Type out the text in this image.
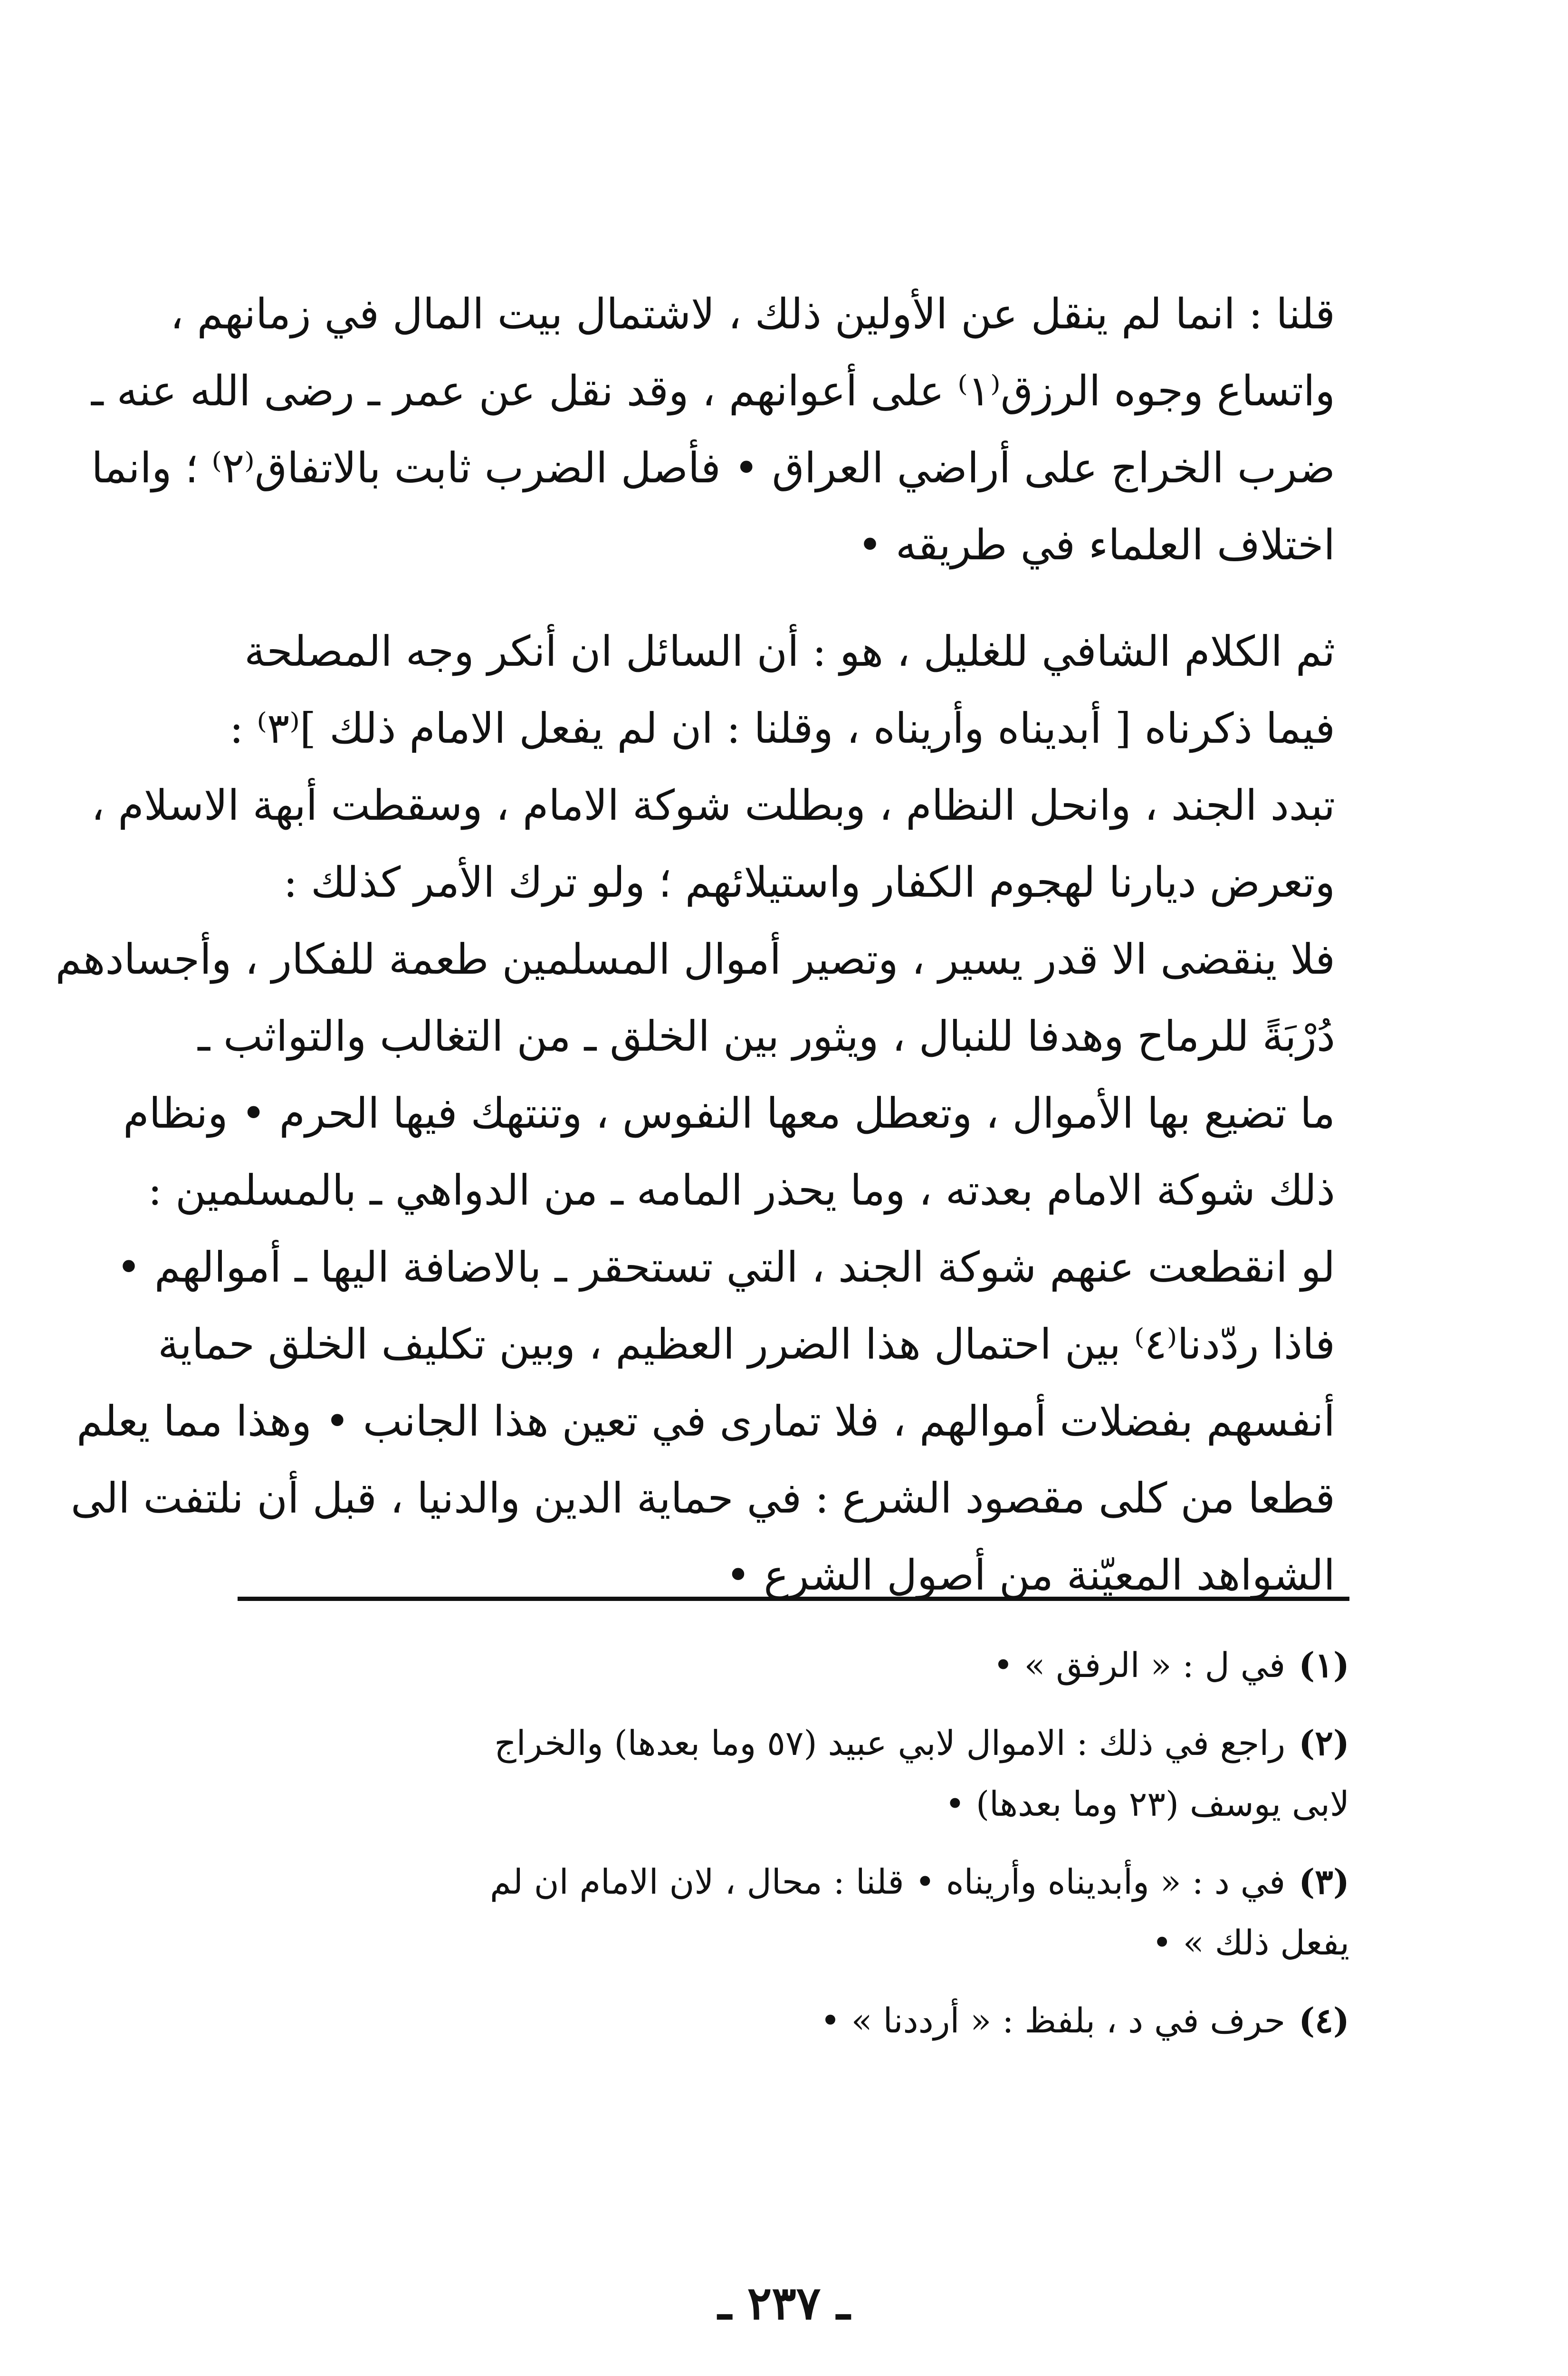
قلنا : انما لم ينقل عن الأولين ذلك ، لاشتمال بيت المال في زمانهم ،
واتساع وجوه الرزق⁽١⁾ على أعوانهم ، وقد نقل عن عمر ـ رضى الله عنه ـ
ضرب الخراج على أراضي العراق • فأصل الضرب ثابت بالاتفاق⁽٢⁾ ؛ وانما
اختلاف العلماء في طريقه •
ثم الكلام الشافي للغليل ، هو : أن السائل ان أنكر وجه المصلحة
فيما ذكرناه [ أبديناه وأريناه ، وقلنا : ان لم يفعل الامام ذلك ]⁽٣⁾ :
تبدد الجند ، وانحل النظام ، وبطلت شوكة الامام ، وسقطت أبهة الاسلام ،
وتعرض ديارنا لهجوم الكفار واستيلائهم ؛ ولو ترك الأمر كذلك :
فلا ينقضى الا قدر يسير ، وتصير أموال المسلمين طعمة للفكار ، وأجسادهم
دُرْبَةً للرماح وهدفا للنبال ، ويثور بين الخلق ـ من التغالب والتواثب ـ
ما تضيع بها الأموال ، وتعطل معها النفوس ، وتنتهك فيها الحرم • ونظام
ذلك شوكة الامام بعدته ، وما يحذر المامه ـ من الدواهي ـ بالمسلمين :
لو انقطعت عنهم شوكة الجند ، التي تستحقر ـ بالاضافة اليها ـ أموالهم •
فاذا ردّدنا⁽٤⁾ بين احتمال هذا الضرر العظيم ، وبين تكليف الخلق حماية
أنفسهم بفضلات أموالهم ، فلا تمارى في تعين هذا الجانب • وهذا مما يعلم
قطعا من كلى مقصود الشرع : في حماية الدين والدنيا ، قبل أن نلتفت الى
الشواهد المعيّنة من أصول الشرع •
(١)في ل : « الرفق » •
(٢)راجع في ذلك : الاموال لابي عبيد (٥٧ وما بعدها) والخراج
لابى يوسف (٢٣ وما بعدها) •
(٣)في د : « وأبديناه وأريناه • قلنا : محال ، لان الامام ان لم
يفعل ذلك » •
(٤)حرف في د ، بلفظ : « أرددنا » •
ـ ٢٣٧ ـ
